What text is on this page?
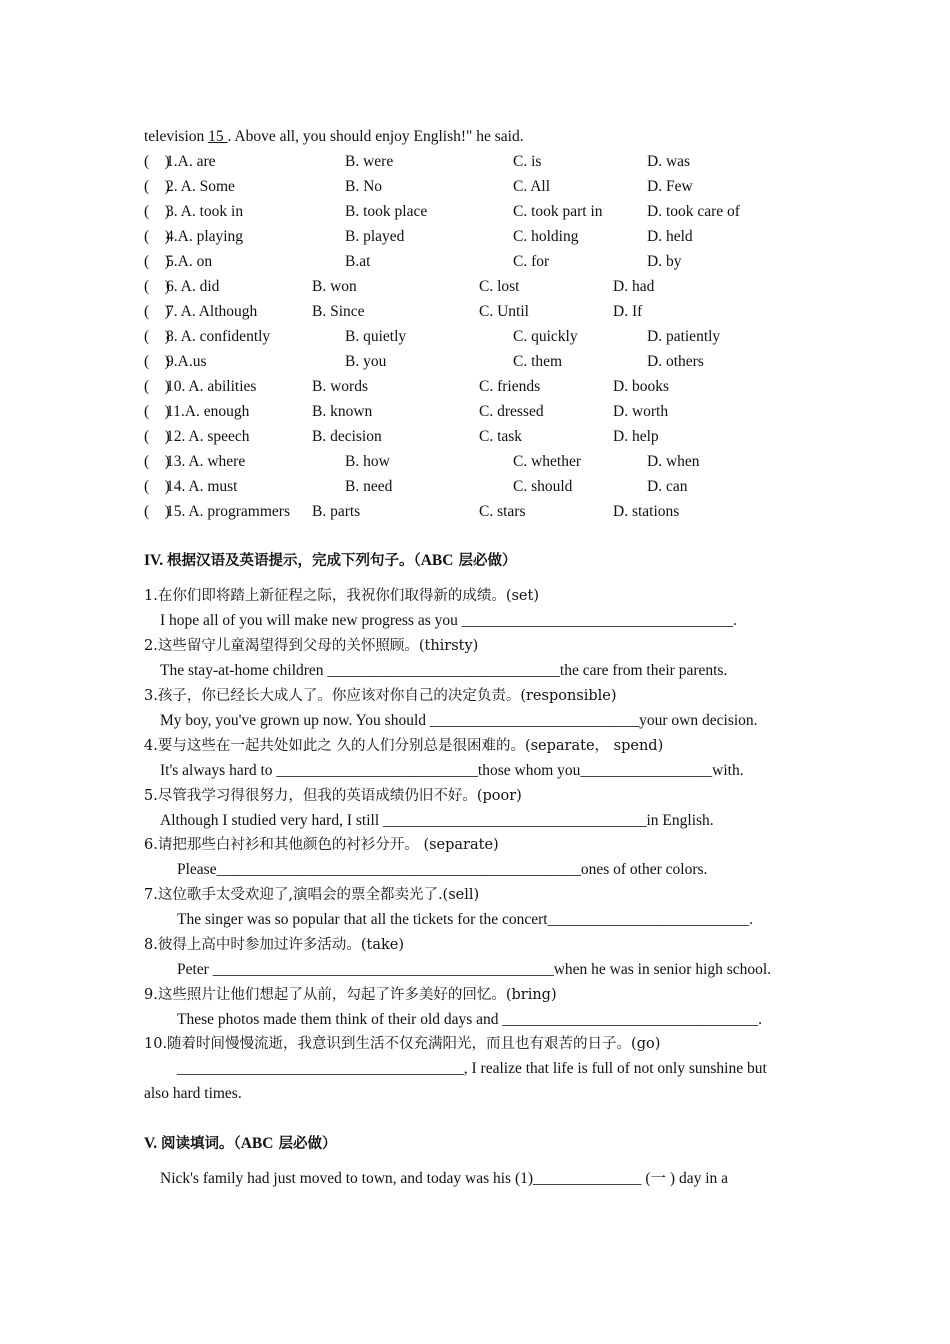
television 15 . Above all, you should enjoy English!" he said.
(    )
1.A. are	B. were	C. is	D. was
(    )
2. A. Some	B. No	C. All	D. Few
(    )
3. A. took in	B. took place	C. took part in	D. took care of
(    )
4.A. playing	B. played	C. holding	D. held
(    )
5.A. on	B.at	C. for	D. by
(    )
6. A. did	B. won	C. lost	D. had
(    )
7. A. Although	B. Since	C. Until	D. If
(    )
8. A. confidently	B. quietly	C. quickly	D. patiently
(    )
9.A.us	B. you	C. them	D. others
(    )
10. A. abilities	B. words	C. friends	D. books
(    )
11.A. enough	B. known	C. dressed	D. worth
(    )
12. A. speech	B. decision	C. task	D. help
(    )
13. A. where	B. how	C. whether	D. when
(    )
14. A. must	B. need	C. should	D. can
(    )
15. A. programmers B. parts	C. stars	D. stations
IV. 根据汉语及英语提示，完成下列句子。（ABC 层必做）
1.在你们即将踏上新征程之际，我祝你们取得新的成绩。(set)
I hope all of you will make new progress as you ___________________________________.
2.这些留守儿童渴望得到父母的关怀照顾。(thirsty)
The stay-at-home children ______________________________the care from their parents.
3.孩子，你已经长大成人了。你应该对你自己的决定负责。(responsible)
My boy, you've grown up now. You should ___________________________your own decision.
4.要与这些在一起共处如此之 久的人们分别总是很困难的。(separate， spend)
It's always hard to __________________________those whom you_________________with.
5.尽管我学习得很努力，但我的英语成绩仍旧不好。(poor)
Although I studied very hard, I still __________________________________in English.
6.请把那些白衬衫和其他颜色的衬衫分开。 (separate)
Please_______________________________________________ones of other colors.
7.这位歌手太受欢迎了,演唱会的票全都卖光了.(sell)
The singer was so popular that all the tickets for the concert__________________________.
8.彼得上高中时参加过许多活动。(take)
Peter ____________________________________________when he was in senior high school.
9.这些照片让他们想起了从前，勾起了许多美好的回忆。(bring)
These photos made them think of their old days and _________________________________.
10.随着时间慢慢流逝，我意识到生活不仅充满阳光，而且也有艰苦的日子。(go)
_____________________________________, I realize that life is full of not only sunshine but
also hard times.
V. 阅读填词。（ABC 层必做）
Nick's family had just moved to town, and today was his (1)______________ (一 ) day in a
